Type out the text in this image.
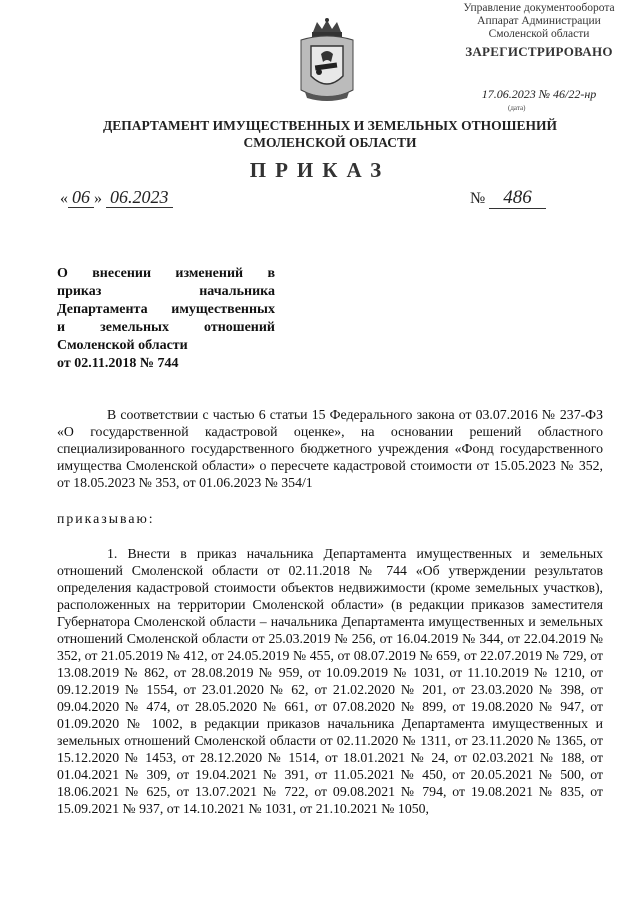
Управление документооборота
Аппарат Администрации
Смоленской области
ЗАРЕГИСТРИРОВАНО
17.06.2023 № 46/22-нр
(дата)
ДЕПАРТАМЕНТ ИМУЩЕСТВЕННЫХ И ЗЕМЕЛЬНЫХ ОТНОШЕНИЙ
СМОЛЕНСКОЙ ОБЛАСТИ
ПРИКАЗ
« 06 » 06.2023	№ 486
О внесении изменений в
приказ начальника
Департамента имущественных
и земельных отношений
Смоленской области
от 02.11.2018 № 744
В соответствии с частью 6 статьи 15 Федерального закона от 03.07.2016 № 237-ФЗ «О государственной кадастровой оценке», на основании решений областного специализированного государственного бюджетного учреждения «Фонд государственного имущества Смоленской области» о пересчете кадастровой стоимости от 15.05.2023 № 352, от 18.05.2023 № 353, от 01.06.2023 № 354/1
приказываю:
1. Внести в приказ начальника Департамента имущественных и земельных отношений Смоленской области от 02.11.2018 № 744 «Об утверждении результатов определения кадастровой стоимости объектов недвижимости (кроме земельных участков), расположенных на территории Смоленской области» (в редакции приказов заместителя Губернатора Смоленской области – начальника Департамента имущественных и земельных отношений Смоленской области от 25.03.2019 № 256, от 16.04.2019 № 344, от 22.04.2019 № 352, от 21.05.2019 № 412, от 24.05.2019 № 455, от 08.07.2019 № 659, от 22.07.2019 № 729, от 13.08.2019 № 862, от 28.08.2019 № 959, от 10.09.2019 № 1031, от 11.10.2019 № 1210, от 09.12.2019 № 1554, от 23.01.2020 № 62, от 21.02.2020 № 201, от 23.03.2020 № 398, от 09.04.2020 № 474, от 28.05.2020 № 661, от 07.08.2020 № 899, от 19.08.2020 № 947, от 01.09.2020 № 1002, в редакции приказов начальника Департамента имущественных и земельных отношений Смоленской области от 02.11.2020 № 1311, от 23.11.2020 № 1365, от 15.12.2020 № 1453, от 28.12.2020 № 1514, от 18.01.2021 № 24, от 02.03.2021 № 188, от 01.04.2021 № 309, от 19.04.2021 № 391, от 11.05.2021 № 450, от 20.05.2021 № 500, от 18.06.2021 № 625, от 13.07.2021 № 722, от 09.08.2021 № 794, от 19.08.2021 № 835, от 15.09.2021 № 937, от 14.10.2021 № 1031, от 21.10.2021 № 1050,
